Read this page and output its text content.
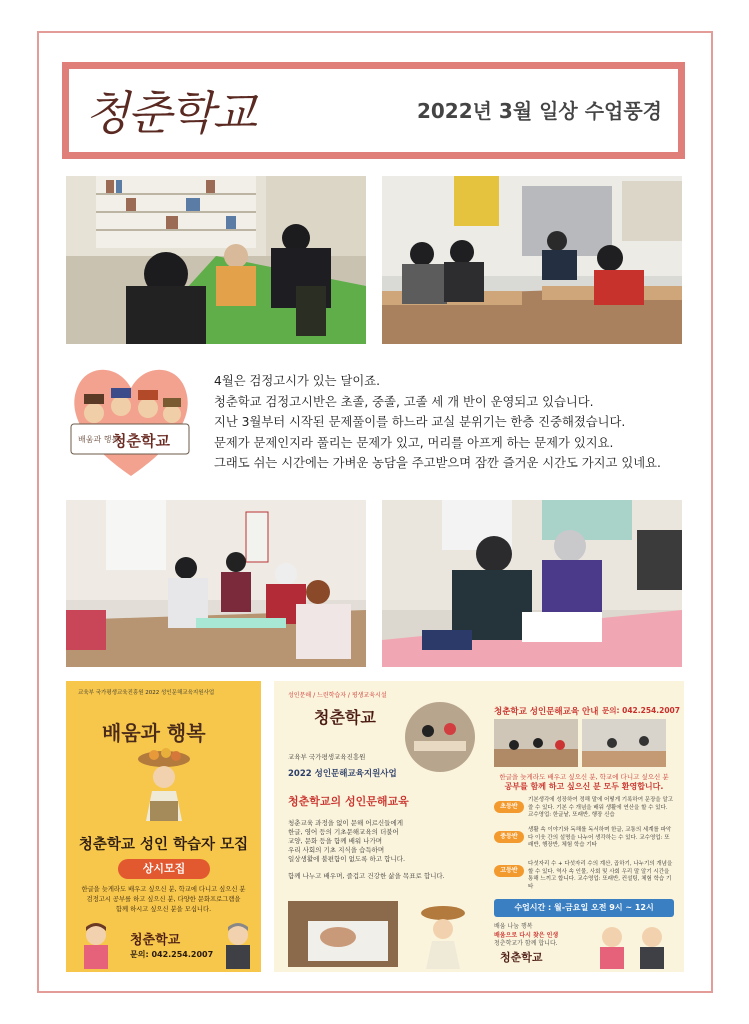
청춘학교	2022년 3월 일상 수업풍경
배움과 행복
청춘학교
4월은 검정고시가 있는 달이죠.
청춘학교 검정고시반은 초졸, 중졸, 고졸 세 개 반이 운영되고 있습니다.
지난 3월부터 시작된 문제풀이를 하느라 교실 분위기는 한층 진중해졌습니다.
문제가 문제인지라 풀리는 문제가 있고, 머리를 아프게 하는 문제가 있지요.
그래도 쉬는 시간에는 가벼운 농담을 주고받으며 잠깐 즐거운 시간도 가지고 있네요.
교육부 국가평생교육진흥원 2022 성인문해교육지원사업
배움과 행복
청춘학교 성인 학습자 모집
상시모집
한글을 늦게라도 배우고 싶으신 분, 학교에 다니고 싶으신 분
검정고시 공부를 하고 싶으신 분, 다양한 문화프로그램을
함께 하시고 싶으신 분을 모십니다.
청춘학교
문의: 042.254.2007
성인문해 / 느린학습자 / 평생교육시설
청춘학교
교육부 국가평생교육진흥원
2022 성인문해교육지원사업
청춘학교의 성인문해교육
청춘교육 과정을 없이 문해 어르신들에게
한글, 영어 등의 기초문해교육의 더불어
교양, 문화 등을 함께 배워 나가며
우리 사회의 기초 지식을 습득하며
일상생활에 불편함이 없도록 하고 합니다.
함께 나누고 배우며, 즐겁고 건강한 삶을 목표로 합니다.
청춘학교 성인문해교육 안내 문의: 042.254.2007
한글을 늦게라도 배우고 싶으신 분, 학교에 다니고 싶으신 분
공부를 함께 하고 싶으신 분 모두 환영합니다.
초등반
기본생각에 성장하여 정해 말에 어떻게 기록하여 문장을 알고 쓸 수 있다. 기본 수 개념을 배워 생활에 연산을 할 수 있다. 교수영업: 한글낱, 또래반, 행장 신습
중등반
생활 속 이야기와 독해를 독서하며 한글, 교통의 세계를 파악 다 이웃 간의 설명을 나누어 생각하는 수 있다. 교수영업: 또래반, 행장반, 체험 학습 기타
고등반
다섯자리 수 + 다섯자리 수의 계산, 곱하기, 나누기의 개념을 할 수 있다. 역사 속 인물, 사회 및 사회 우리 말 알기 시간을 통해 느끼고 합니다. 교수영업: 또래반, 컨설팅, 체험 학습 기타
수업시간 : 월-금요일 오전 9시 ~ 12시
배움 나눔 행복
배움으로 다시 찾은 인생
청춘학교가 함께 합니다.
청춘학교
